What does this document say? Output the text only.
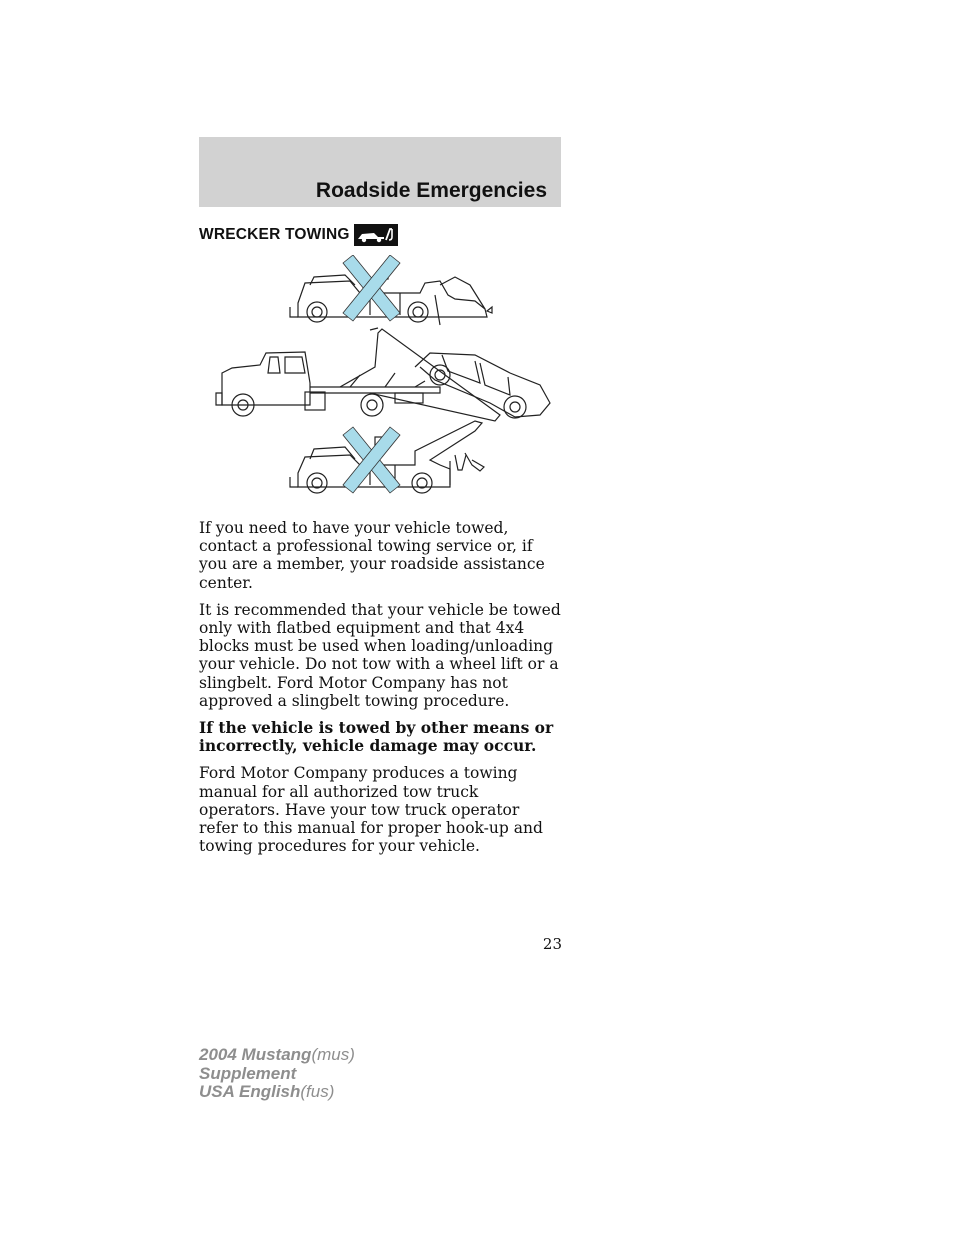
Roadside Emergencies
WRECKER TOWING

If you need to have your vehicle towed, contact a professional towing service or, if you are a member, your roadside assistance center.

It is recommended that your vehicle be towed only with flatbed equipment and that 4x4 blocks must be used when loading/unloading your vehicle. Do not tow with a wheel lift or a slingbelt. Ford Motor Company has not approved a slingbelt towing procedure.

If the vehicle is towed by other means or incorrectly, vehicle damage may occur.

Ford Motor Company produces a towing manual for all authorized tow truck operators. Have your tow truck operator refer to this manual for proper hook-up and towing procedures for your vehicle.

23
2004 Mustang(mus)
Supplement
USA English(fus)
